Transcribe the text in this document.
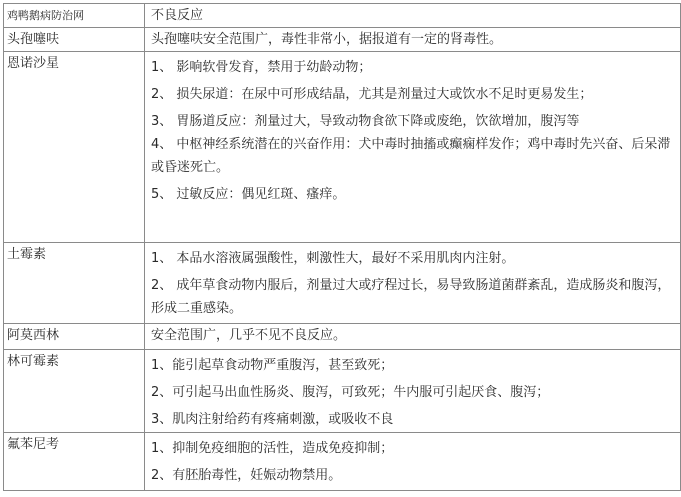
鸡鸭鹅病防治网	不良反应
头孢噻呋	头孢噻呋安全范围广，毒性非常小，据报道有一定的肾毒性。

恩诺沙星	1、 影响软骨发育，禁用于幼龄动物；
2、 损失尿道：在尿中可形成结晶，尤其是剂量过大或饮水不足时更易发生；
3、 胃肠道反应：剂量过大，导致动物食欲下降或废绝，饮欲增加，腹泻等
4、 中枢神经系统潜在的兴奋作用：犬中毒时抽搐或癫痫样发作；鸡中毒时先兴奋、后呆滞或昏迷死亡。
5、 过敏反应：偶见红斑、瘙痒。

土霉素	1、 本品水溶液属强酸性，刺激性大，最好不采用肌肉内注射。
2、 成年草食动物内服后，剂量过大或疗程过长，易导致肠道菌群紊乱，造成肠炎和腹泻，形成二重感染。

阿莫西林	安全范围广，几乎不见不良反应。

林可霉素	1、能引起草食动物严重腹泻，甚至致死；
2、可引起马出血性肠炎、腹泻，可致死；牛内服可引起厌食、腹泻；
3、肌肉注射给药有疼痛刺激，或吸收不良

氟苯尼考	1、抑制免疫细胞的活性，造成免疫抑制；
2、有胚胎毒性，妊娠动物禁用。
